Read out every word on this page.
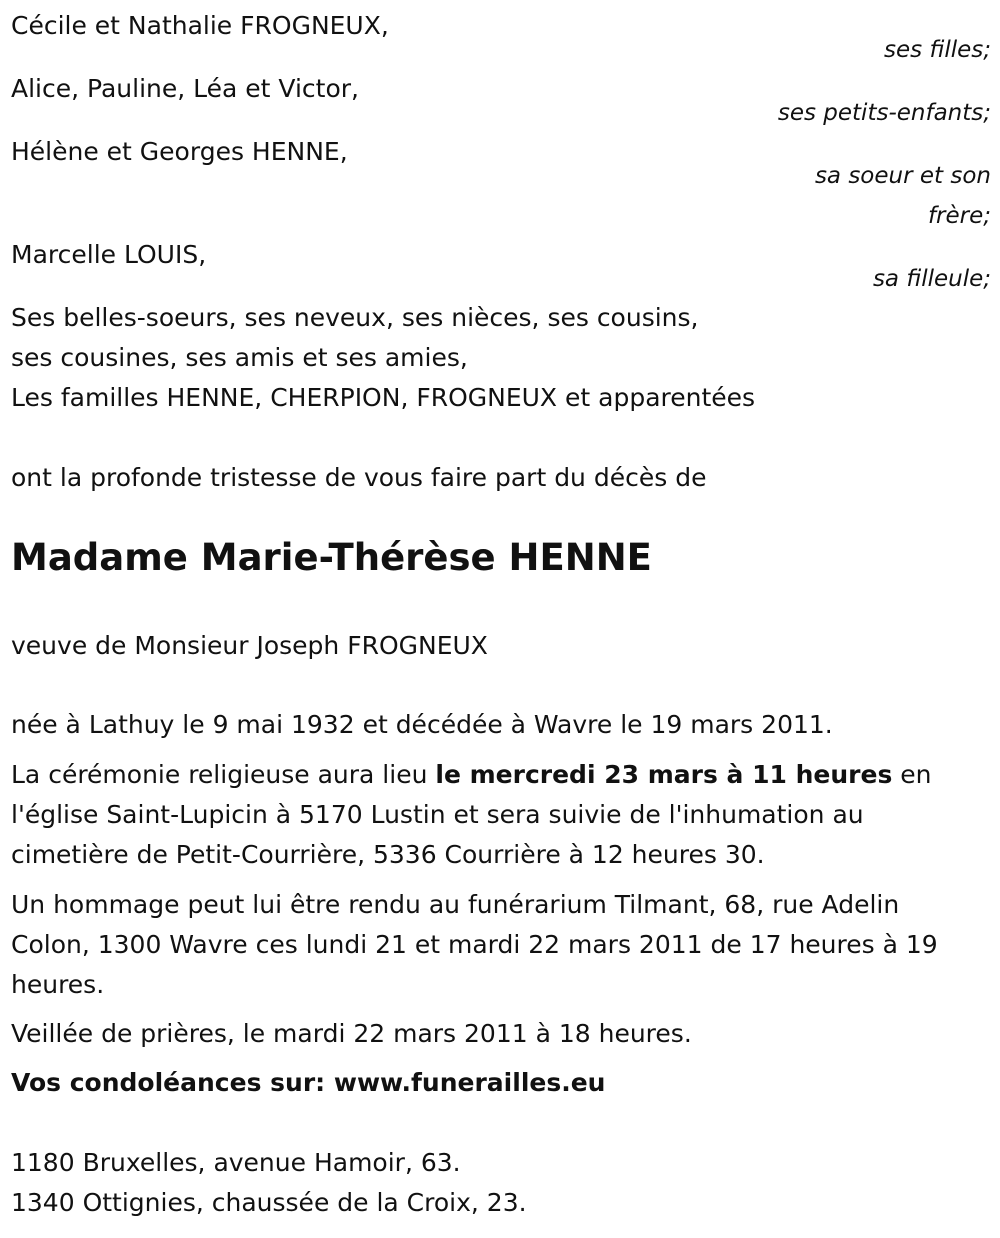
Cécile et Nathalie FROGNEUX,
ses filles;
Alice, Pauline, Léa et Victor,
ses petits-enfants;
Hélène et Georges HENNE,
sa soeur et son frère;
Marcelle LOUIS,
sa filleule;
Ses belles-soeurs, ses neveux, ses nièces, ses cousins,
ses cousines, ses amis et ses amies,
Les familles HENNE, CHERPION, FROGNEUX et apparentées

ont la profonde tristesse de vous faire part du décès de

Madame Marie-Thérèse HENNE

veuve de Monsieur Joseph FROGNEUX

née à Lathuy le 9 mai 1932 et décédée à Wavre le 19 mars 2011.

La cérémonie religieuse aura lieu le mercredi 23 mars à 11 heures en l'église Saint-Lupicin à 5170 Lustin et sera suivie de l'inhumation au cimetière de Petit-Courrière, 5336 Courrière à 12 heures 30.

Un hommage peut lui être rendu au funérarium Tilmant, 68, rue Adelin Colon, 1300 Wavre ces lundi 21 et mardi 22 mars 2011 de 17 heures à 19 heures.

Veillée de prières, le mardi 22 mars 2011 à 18 heures.

Vos condoléances sur: www.funerailles.eu

1180 Bruxelles, avenue Hamoir, 63.
1340 Ottignies, chaussée de la Croix, 23.
